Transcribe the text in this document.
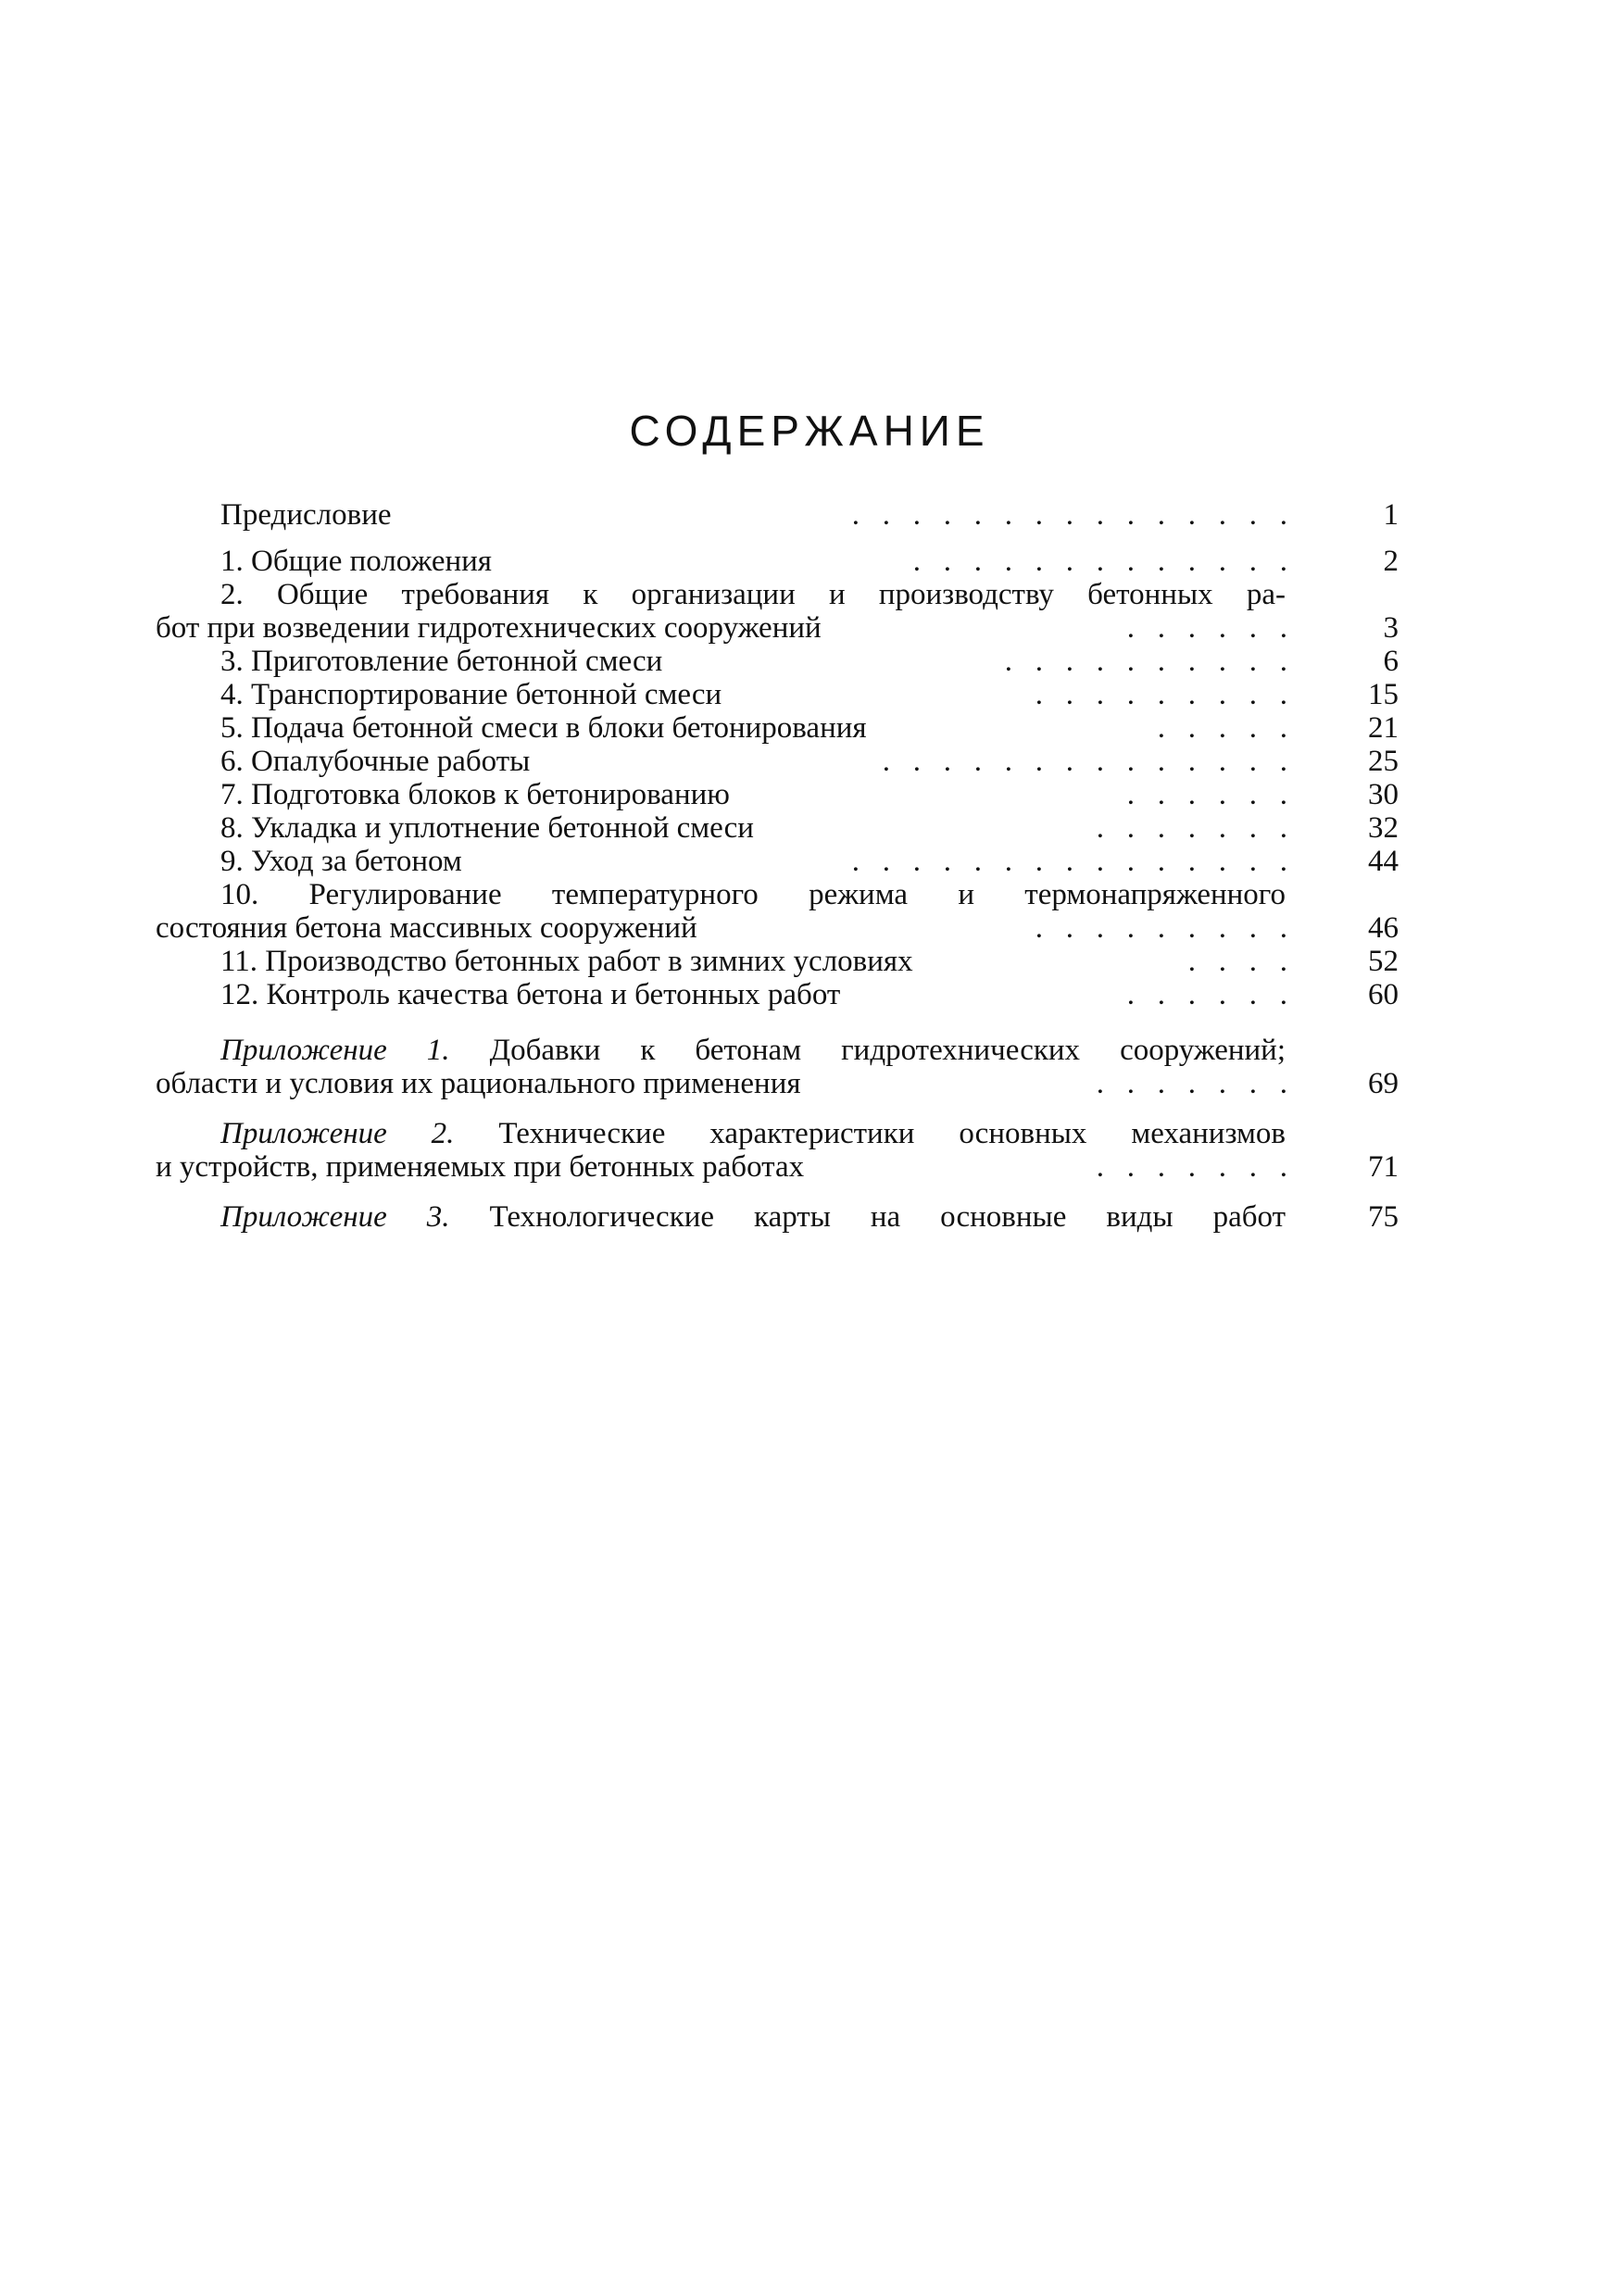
СОДЕРЖАНИЕ
Предисловие	.   .   .   .   .   .   .   .   .   .   .   .   .   .   .	1
1. Общие положения	.   .   .   .   .   .   .   .   .   .   .   .   .	2
2. Общие требования к организации и производству бетонных ра-
бот при возведении гидротехнических сооружений	.   .   .   .   .   .	3
3. Приготовление бетонной смеси	.   .   .   .   .   .   .   .   .   .	6
4. Транспортирование бетонной смеси	.   .   .   .   .   .   .   .   .	15
5. Подача бетонной смеси в блоки бетонирования	.   .   .   .   .	21
6. Опалубочные работы	.   .   .   .   .   .   .   .   .   .   .   .   .   .	25
7. Подготовка блоков к бетонированию	.   .   .   .   .   .	30
8. Укладка и уплотнение бетонной смеси	.   .   .   .   .   .   .	32
9. Уход за бетоном	.   .   .   .   .   .   .   .   .   .   .   .   .   .   .	44
10. Регулирование температурного режима и термонапряженного
состояния бетона массивных сооружений	.   .   .   .   .   .   .   .   .	46
11. Производство бетонных работ в зимних условиях	.   .   .   .	52
12. Контроль качества бетона и бетонных работ	.   .   .   .   .   .	60
Приложение 1. Добавки к бетонам гидротехнических сооружений;
области и условия их рационального применения	.   .   .   .   .   .   .	69
Приложение 2. Технические характеристики основных механизмов
и устройств, применяемых при бетонных работах	.   .   .   .   .   .   .	71
Приложение 3. Технологические карты на основные виды работ	75
